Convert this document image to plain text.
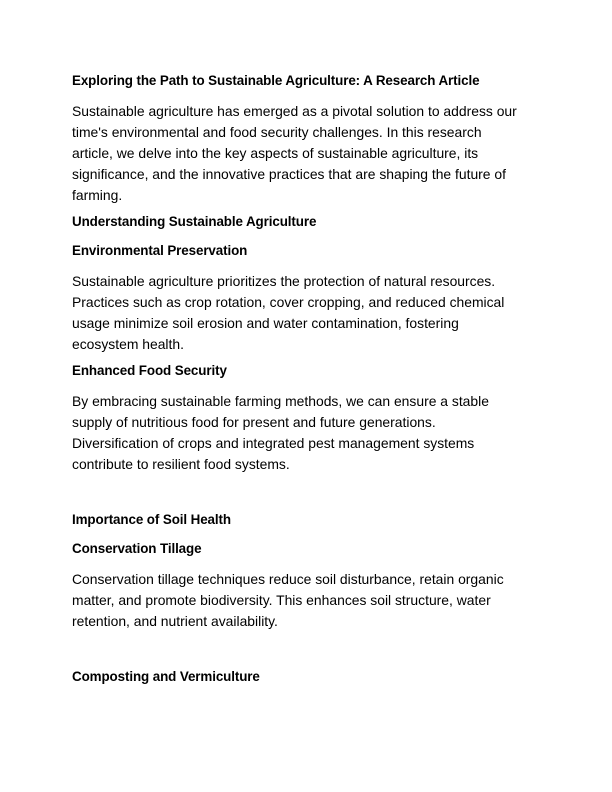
Exploring the Path to Sustainable Agriculture: A Research Article
Sustainable agriculture has emerged as a pivotal solution to address our
time's environmental and food security challenges. In this research
article, we delve into the key aspects of sustainable agriculture, its
significance, and the innovative practices that are shaping the future of
farming.
Understanding Sustainable Agriculture
Environmental Preservation
Sustainable agriculture prioritizes the protection of natural resources.
Practices such as crop rotation, cover cropping, and reduced chemical
usage minimize soil erosion and water contamination, fostering
ecosystem health.
Enhanced Food Security
By embracing sustainable farming methods, we can ensure a stable
supply of nutritious food for present and future generations.
Diversification of crops and integrated pest management systems
contribute to resilient food systems.
Importance of Soil Health
Conservation Tillage
Conservation tillage techniques reduce soil disturbance, retain organic
matter, and promote biodiversity. This enhances soil structure, water
retention, and nutrient availability.
Composting and Vermiculture
